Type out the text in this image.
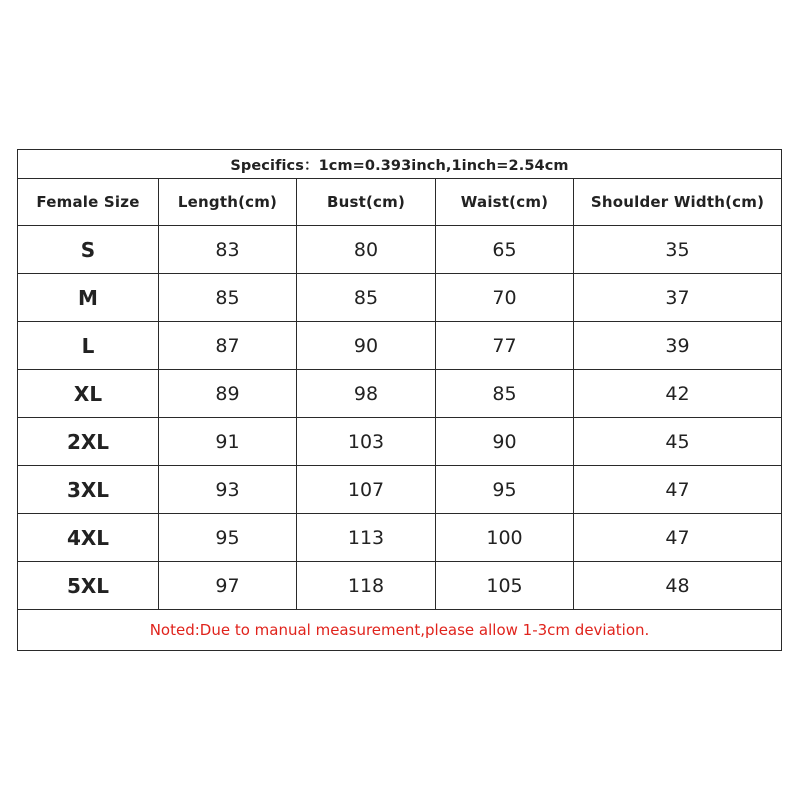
Specifics：1cm=0.393inch,1inch=2.54cm				
Female Size	Length(cm)	Bust(cm)	Waist(cm)	Shoulder Width(cm)
S	83	80	65	35
M	85	85	70	37
L	87	90	77	39
XL	89	98	85	42
2XL	91	103	90	45
3XL	93	107	95	47
4XL	95	113	100	47
5XL	97	118	105	48
Noted:Due to manual measurement,please allow 1-3cm deviation.				
